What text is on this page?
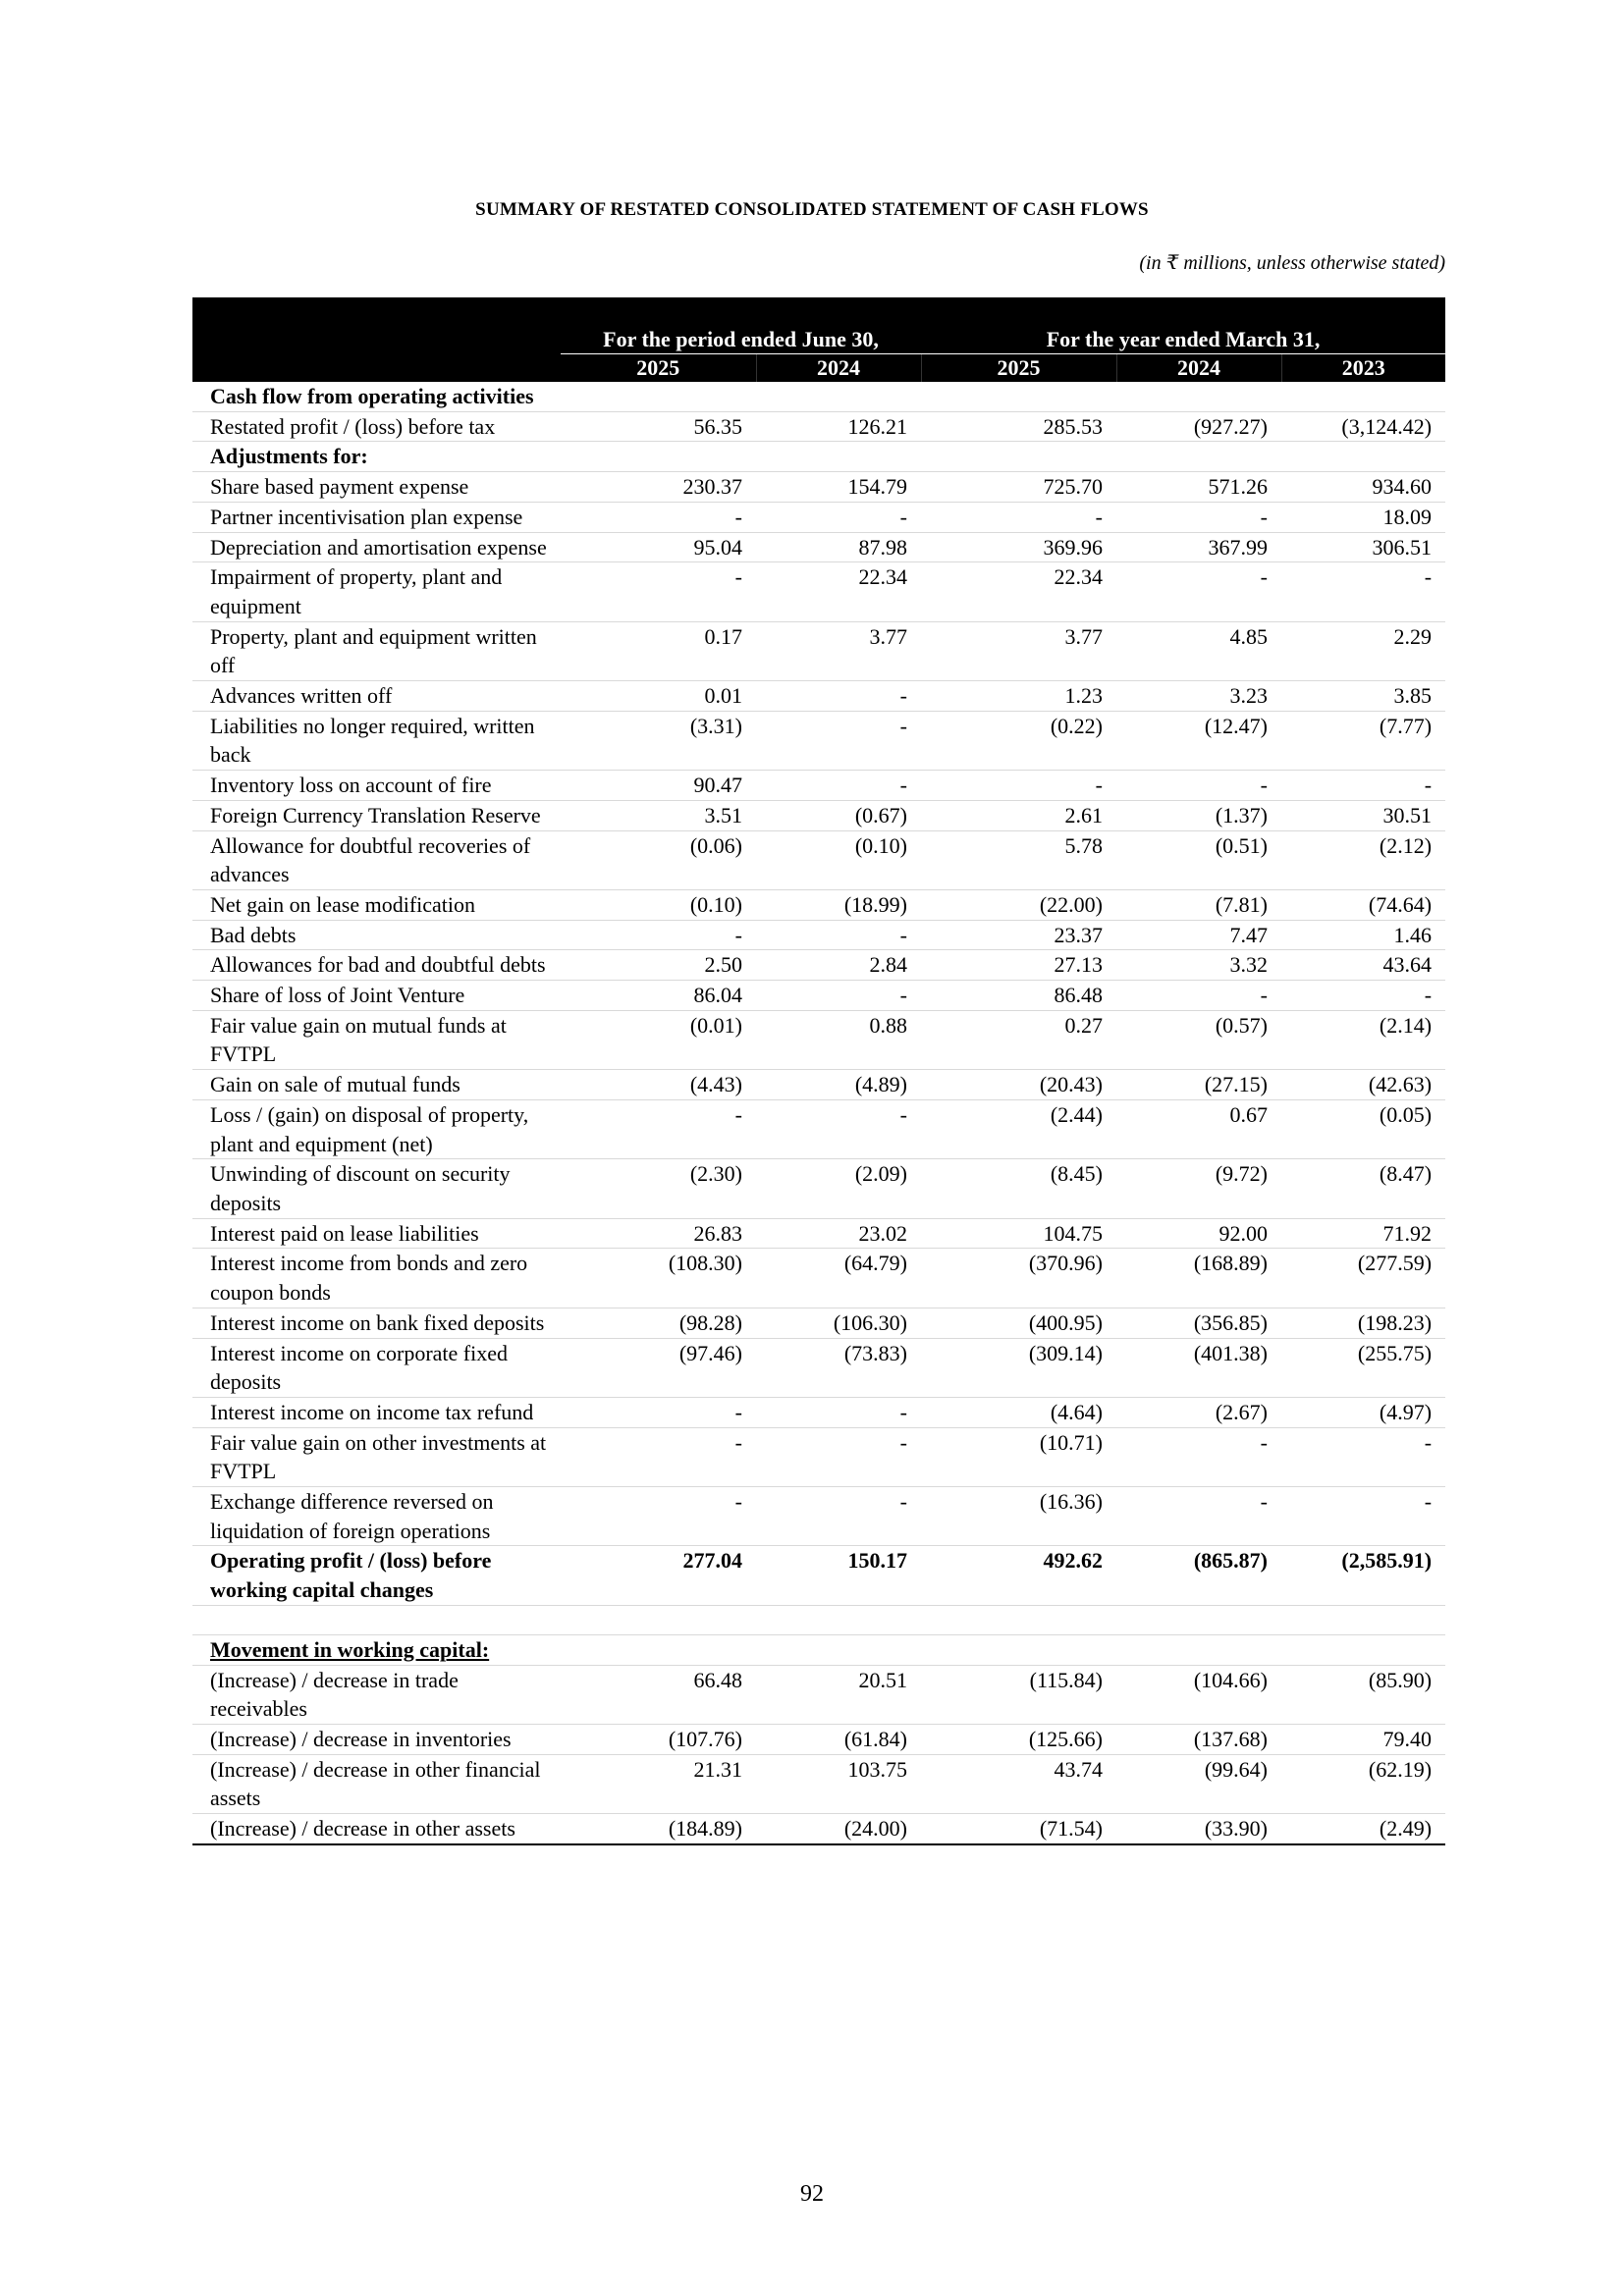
SUMMARY OF RESTATED CONSOLIDATED STATEMENT OF CASH FLOWS
(in ₹ millions, unless otherwise stated)
	For the period ended June 30,		For the year ended March 31,		
	2025	2024	2025	2024	2023
Cash flow from operating activities					
Restated profit / (loss) before tax	56.35	126.21	285.53	(927.27)	(3,124.42)
Adjustments for:					
Share based payment expense	230.37	154.79	725.70	571.26	934.60
Partner incentivisation plan expense	-	-	-	-	18.09
Depreciation and amortisation expense	95.04	87.98	369.96	367.99	306.51
Impairment of property, plant and equipment	-	22.34	22.34	-	-
Property, plant and equipment written off	0.17	3.77	3.77	4.85	2.29
Advances written off	0.01	-	1.23	3.23	3.85
Liabilities no longer required, written back	(3.31)	-	(0.22)	(12.47)	(7.77)
Inventory loss on account of fire	90.47	-	-	-	-
Foreign Currency Translation Reserve	3.51	(0.67)	2.61	(1.37)	30.51
Allowance for doubtful recoveries of advances	(0.06)	(0.10)	5.78	(0.51)	(2.12)
Net gain on lease modification	(0.10)	(18.99)	(22.00)	(7.81)	(74.64)
Bad debts	-	-	23.37	7.47	1.46
Allowances for bad and doubtful debts	2.50	2.84	27.13	3.32	43.64
Share of loss of Joint Venture	86.04	-	86.48	-	-
Fair value gain on mutual funds at FVTPL	(0.01)	0.88	0.27	(0.57)	(2.14)
Gain on sale of mutual funds	(4.43)	(4.89)	(20.43)	(27.15)	(42.63)
Loss / (gain) on disposal of property, plant and equipment (net)	-	-	(2.44)	0.67	(0.05)
Unwinding of discount on security deposits	(2.30)	(2.09)	(8.45)	(9.72)	(8.47)
Interest paid on lease liabilities	26.83	23.02	104.75	92.00	71.92
Interest income from bonds and zero coupon bonds	(108.30)	(64.79)	(370.96)	(168.89)	(277.59)
Interest income on bank fixed deposits	(98.28)	(106.30)	(400.95)	(356.85)	(198.23)
Interest income on corporate fixed deposits	(97.46)	(73.83)	(309.14)	(401.38)	(255.75)
Interest income on income tax refund	-	-	(4.64)	(2.67)	(4.97)
Fair value gain on other investments at FVTPL	-	-	(10.71)	-	-
Exchange difference reversed on liquidation of foreign operations	-	-	(16.36)	-	-
Operating profit / (loss) before working capital changes	277.04	150.17	492.62	(865.87)	(2,585.91)

Movement in working capital:					
(Increase) / decrease in trade receivables	66.48	20.51	(115.84)	(104.66)	(85.90)
(Increase) / decrease in inventories	(107.76)	(61.84)	(125.66)	(137.68)	79.40
(Increase) / decrease in other financial assets	21.31	103.75	43.74	(99.64)	(62.19)
(Increase) / decrease in other assets	(184.89)	(24.00)	(71.54)	(33.90)	(2.49)
92
